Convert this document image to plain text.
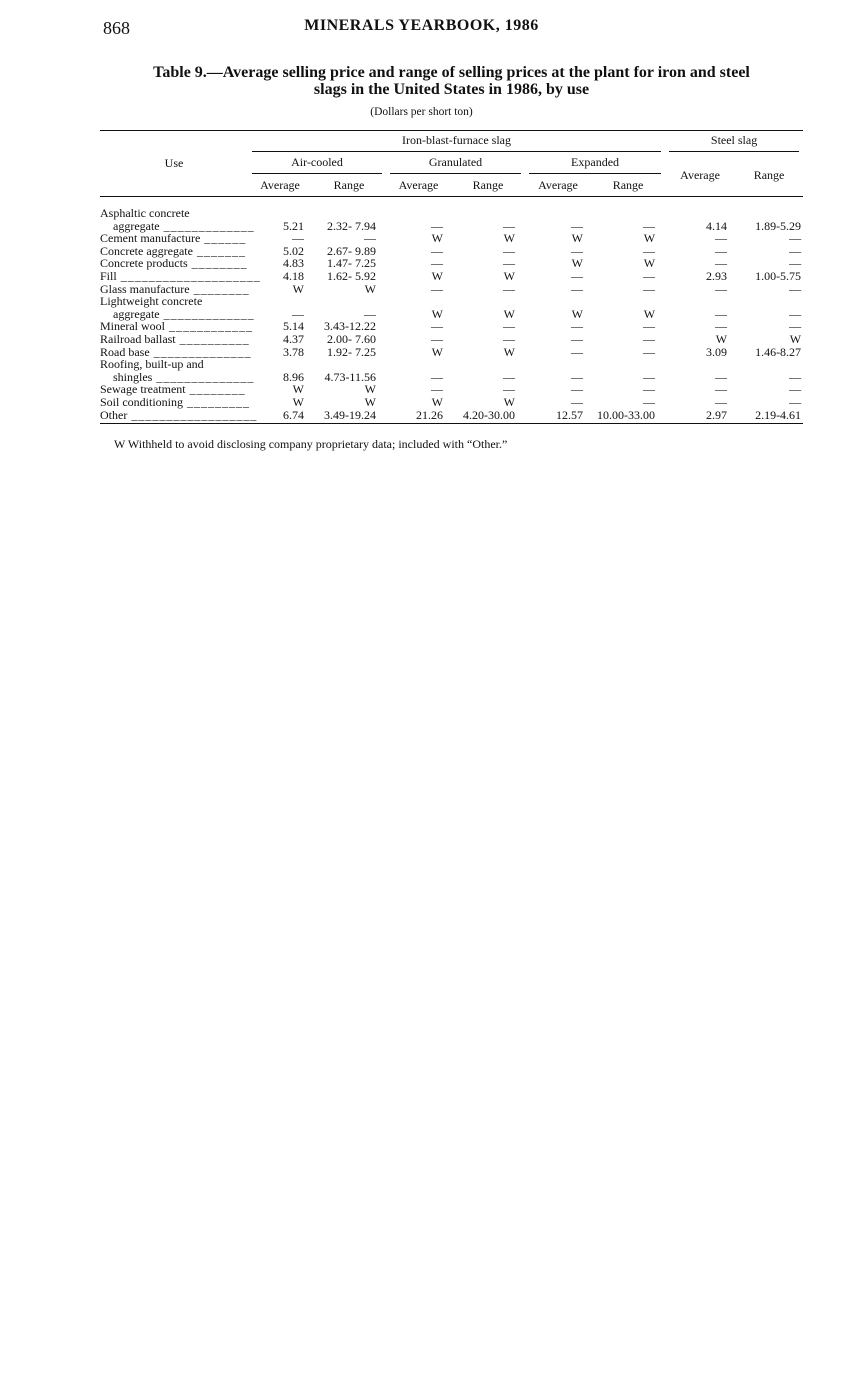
868	MINERALS YEARBOOK, 1986
Table 9.—Average selling price and range of selling prices at the plant for iron and steel
slags in the United States in 1986, by use
(Dollars per short ton)
Use	Iron-blast-furnace slag						Steel slag	

	Air-cooled		Granulated		Expanded		Average	Range
	Average	Range	Average	Range	Average	Range		

Asphaltic concrete								
aggregate _____________	5.21	2.32- 7.94	—	—	—	—	4.14	1.89-5.29
Cement manufacture ______	—	—	W	W	W	W	—	—
Concrete aggregate _______	5.02	2.67- 9.89	—	—	—	—	—	—
Concrete products ________	4.83	1.47- 7.25	—	—	W	W	—	—
Fill ____________________	4.18	1.62- 5.92	W	W	—	—	2.93	1.00-5.75
Glass manufacture ________	W	W	—	—	—	—	—	—
Lightweight concrete								
aggregate _____________	—	—	W	W	W	W	—	—
Mineral wool ____________	5.14	3.43-12.22	—	—	—	—	—	—
Railroad ballast __________	4.37	2.00- 7.60	—	—	—	—	W	W
Road base ______________	3.78	1.92- 7.25	W	W	—	—	3.09	1.46-8.27
Roofing, built-up and								
shingles ______________	8.96	4.73-11.56	—	—	—	—	—	—
Sewage treatment ________	W	W	—	—	—	—	—	—
Soil conditioning _________	W	W	W	W	—	—	—	—
Other __________________	6.74	3.49-19.24	21.26	4.20-30.00	12.57	10.00-33.00	2.97	2.19-4.61
W Withheld to avoid disclosing company proprietary data; included with “Other.”
